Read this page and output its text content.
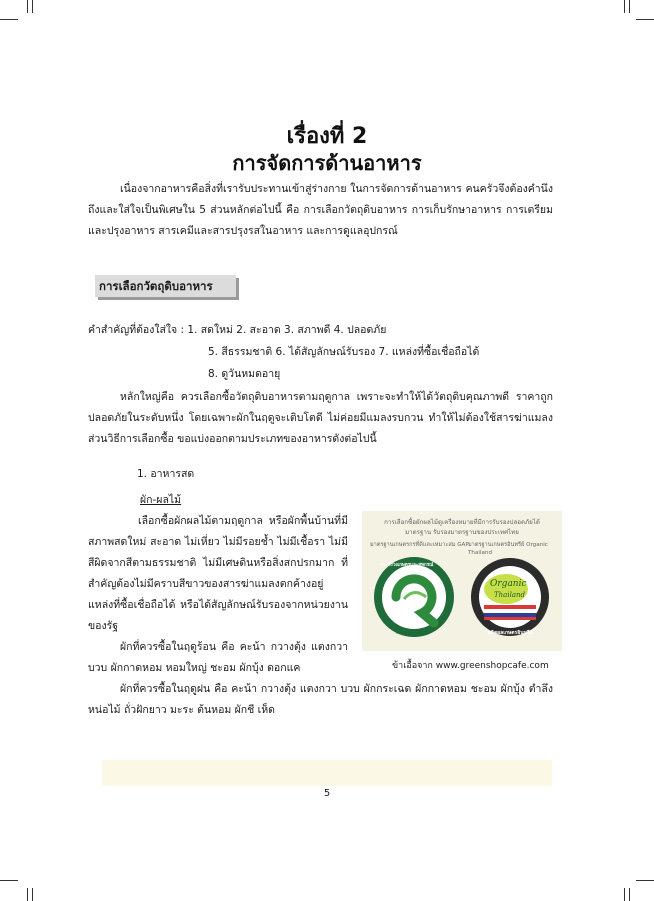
เรื่องที่ 2
การจัดการด้านอาหาร
เนื่องจากอาหารคือสิ่งที่เรารับประทานเข้าสู่ร่างกาย ในการจัดการด้านอาหาร คนครัวจึงต้องคำนึงถึงและใส่ใจเป็นพิเศษใน 5 ส่วนหลักต่อไปนี้ คือ การเลือกวัตถุดิบอาหาร การเก็บรักษาอาหาร การเตรียมและปรุงอาหาร สารเคมีและสารปรุงรสในอาหาร และการดูแลอุปกรณ์
การเลือกวัตถุดิบอาหาร
คำสำคัญที่ต้องใส่ใจ : 1. สดใหม่ 2. สะอาด 3. สภาพดี 4. ปลอดภัย
5. สีธรรมชาติ 6. ได้สัญลักษณ์รับรอง 7. แหล่งที่ซื้อเชื่อถือได้
8. ดูวันหมดอายุ
หลักใหญ่คือ ควรเลือกซื้อวัตถุดิบอาหารตามฤดูกาล เพราะจะทำให้ได้วัตถุดิบคุณภาพดี ราคาถูก ปลอดภัยในระดับหนึ่ง โดยเฉพาะผักในฤดูจะเติบโตดี ไม่ค่อยมีแมลงรบกวน ทำให้ไม่ต้องใช้สารฆ่าแมลง ส่วนวิธีการเลือกซื้อ ขอแบ่งออกตามประเภทของอาหารดังต่อไปนี้
1. อาหารสด
ผัก-ผลไม้
เลือกซื้อผักผลไม้ตามฤดูกาล หรือผักพื้นบ้านที่มีสภาพสดใหม่ สะอาด ไม่เหี่ยว ไม่มีรอยช้ำ ไม่มีเชื้อรา ไม่มีสีผิดจากสีตามธรรมชาติ ไม่มีเศษดินหรือสิ่งสกปรกมาก ที่สำคัญต้องไม่มีคราบสีขาวของสารฆ่าแมลงตกค้างอยู่ แหล่งที่ซื้อเชื่อถือได้ หรือได้สัญลักษณ์รับรองจากหน่วยงานของรัฐ
ผักที่ควรซื้อในฤดูร้อน คือ คะน้า กวางตุ้ง แตงกวา บวบ ผักกาดหอม หอมใหญ่ ชะอม ผักบุ้ง ดอกแค
การเลือกซื้อผักผลไม้ดูเครื่องหมายที่มีการรับรองปลอดภัยได้มาตรฐาน รับรองมาตรฐานของประเทศไทย
มาตรฐานเกษตรกรที่ดีและเหมาะสม GAP มาตรฐานเกษตรอินทรีย์ Organic Thailand
กระทรวงเกษตรและสหกรณ์
การเกษตรปลอดภัย
Organic
Thailand
ผลิตผลเกษตรอินทรีย์
ข้าเอื้อจาก www.greenshopcafe.com
ผักที่ควรซื้อในฤดูฝน คือ คะน้า กวางตุ้ง แตงกวา บวบ ผักกระเฉด ผักกาดหอม ชะอม ผักบุ้ง ตำลึง หน่อไม้ ถั่วฝักยาว มะระ ต้นหอม ผักชี เห็ด
5
